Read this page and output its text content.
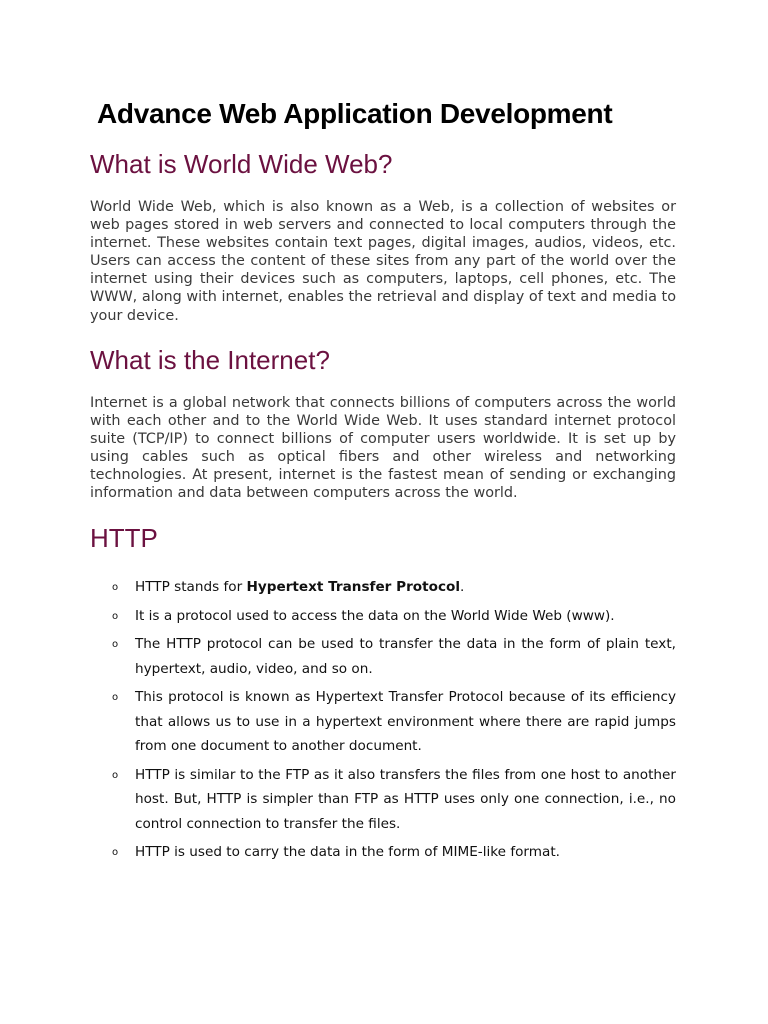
Advance Web Application Development
What is World Wide Web?

World Wide Web, which is also known as a Web, is a collection of websites or web pages stored in web servers and connected to local computers through the internet. These websites contain text pages, digital images, audios, videos, etc. Users can access the content of these sites from any part of the world over the internet using their devices such as computers, laptops, cell phones, etc. The WWW, along with internet, enables the retrieval and display of text and media to your device.

What is the Internet?

Internet is a global network that connects billions of computers across the world with each other and to the World Wide Web. It uses standard internet protocol suite (TCP/IP) to connect billions of computer users worldwide. It is set up by using cables such as optical fibers and other wireless and networking technologies. At present, internet is the fastest mean of sending or exchanging information and data between computers across the world.

HTTP
o HTTP stands for Hypertext Transfer Protocol.
o It is a protocol used to access the data on the World Wide Web (www).
o The HTTP protocol can be used to transfer the data in the form of plain text, hypertext, audio, video, and so on.
o This protocol is known as Hypertext Transfer Protocol because of its efficiency that allows us to use in a hypertext environment where there are rapid jumps from one document to another document.
o HTTP is similar to the FTP as it also transfers the files from one host to another host. But, HTTP is simpler than FTP as HTTP uses only one connection, i.e., no control connection to transfer the files.
o HTTP is used to carry the data in the form of MIME-like format.
